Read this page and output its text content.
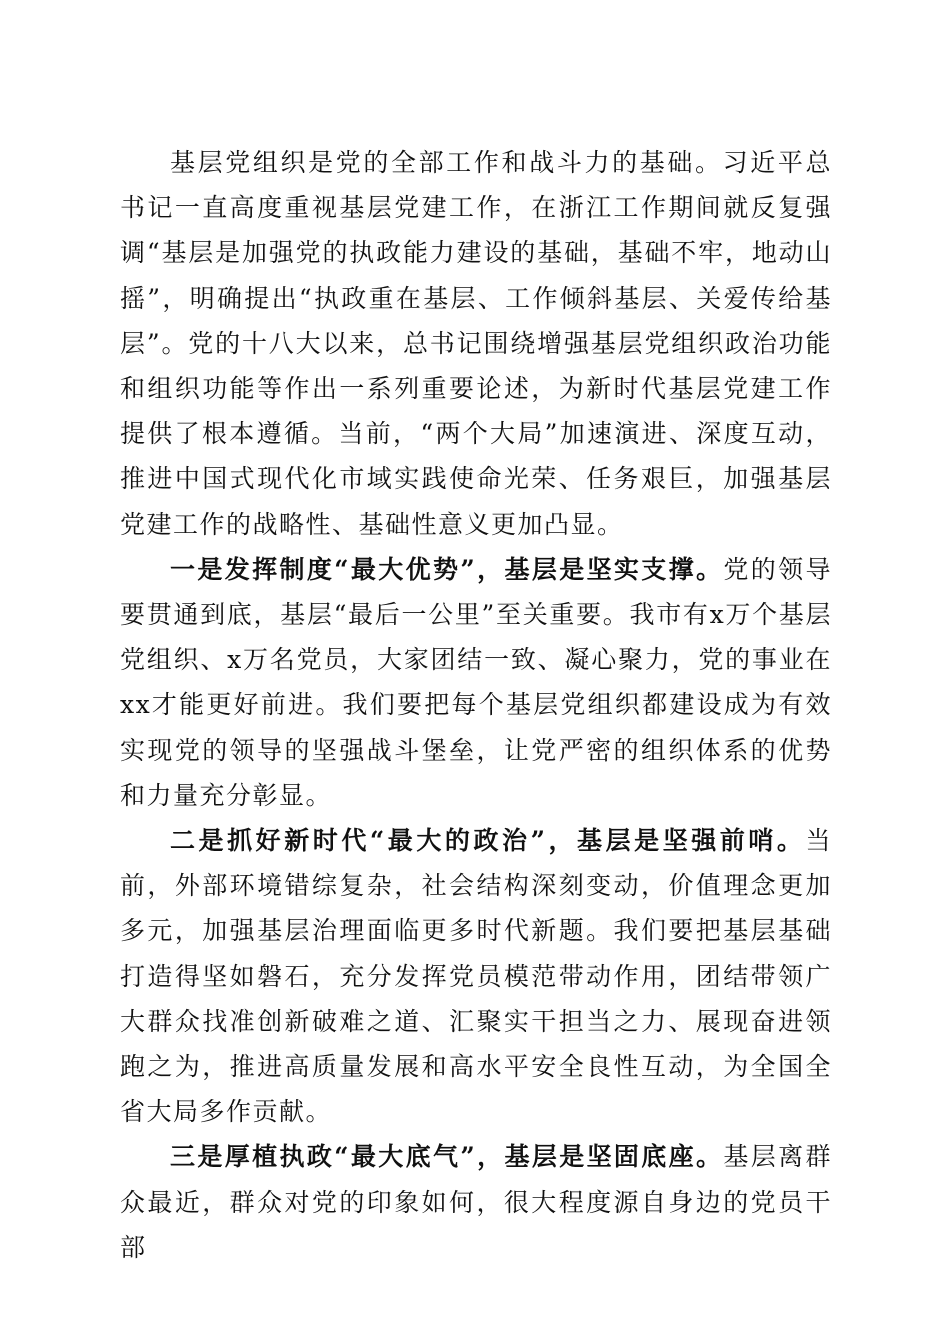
基层党组织是党的全部工作和战斗力的基础。习近平总书记一直高度重视基层党建工作，在浙江工作期间就反复强调“基层是加强党的执政能力建设的基础，基础不牢，地动山摇”，明确提出“执政重在基层、工作倾斜基层、关爱传给基层”。党的十八大以来，总书记围绕增强基层党组织政治功能和组织功能等作出一系列重要论述，为新时代基层党建工作提供了根本遵循。当前，“两个大局”加速演进、深度互动，推进中国式现代化市域实践使命光荣、任务艰巨，加强基层党建工作的战略性、基础性意义更加凸显。

一是发挥制度“最大优势”，基层是坚实支撑。党的领导要贯通到底，基层“最后一公里”至关重要。我市有x万个基层党组织、x万名党员，大家团结一致、凝心聚力，党的事业在xx才能更好前进。我们要把每个基层党组织都建设成为有效实现党的领导的坚强战斗堡垒，让党严密的组织体系的优势和力量充分彰显。

二是抓好新时代“最大的政治”，基层是坚强前哨。当前，外部环境错综复杂，社会结构深刻变动，价值理念更加多元，加强基层治理面临更多时代新题。我们要把基层基础打造得坚如磐石，充分发挥党员模范带动作用，团结带领广大群众找准创新破难之道、汇聚实干担当之力、展现奋进领跑之为，推进高质量发展和高水平安全良性互动，为全国全省大局多作贡献。

三是厚植执政“最大底气”，基层是坚固底座。基层离群众最近，群众对党的印象如何，很大程度源自身边的党员干部
